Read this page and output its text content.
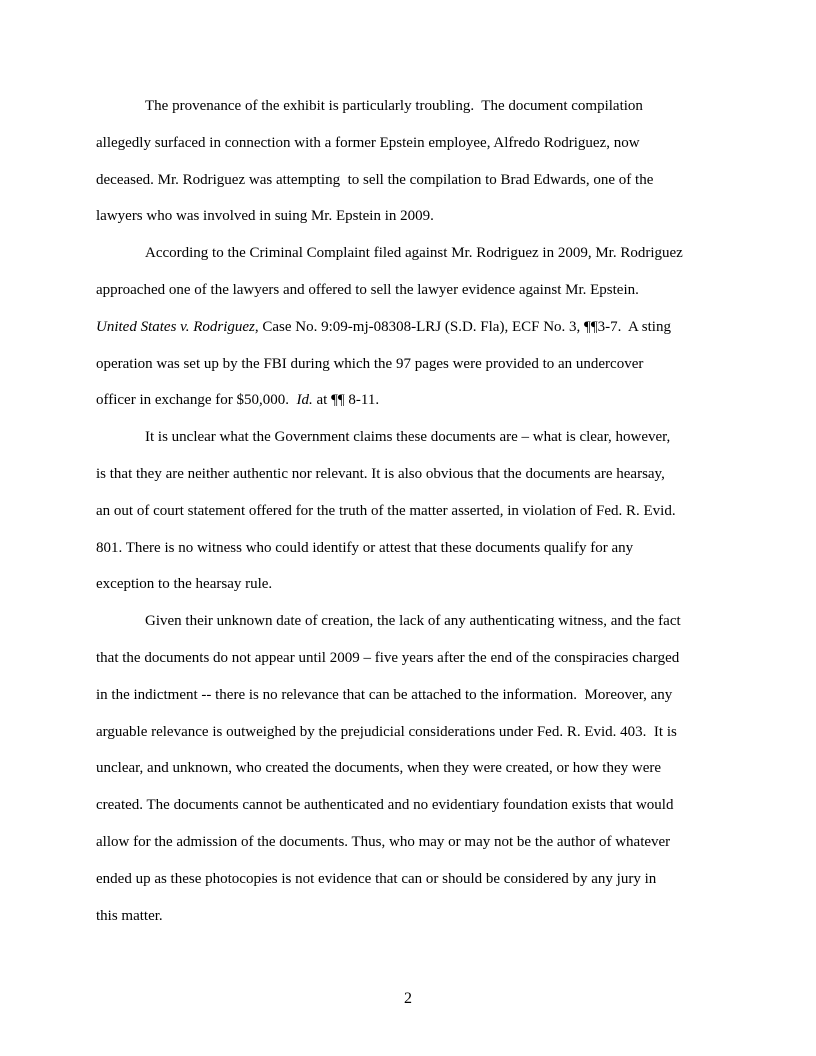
The provenance of the exhibit is particularly troubling.  The document compilation
allegedly surfaced in connection with a former Epstein employee, Alfredo Rodriguez, now
deceased. Mr. Rodriguez was attempting  to sell the compilation to Brad Edwards, one of the
lawyers who was involved in suing Mr. Epstein in 2009.
According to the Criminal Complaint filed against Mr. Rodriguez in 2009, Mr. Rodriguez
approached one of the lawyers and offered to sell the lawyer evidence against Mr. Epstein.
United States v. Rodriguez, Case No. 9:09-mj-08308-LRJ (S.D. Fla), ECF No. 3, ¶¶3-7.  A sting
operation was set up by the FBI during which the 97 pages were provided to an undercover
officer in exchange for $50,000.  Id. at ¶¶ 8-11.
It is unclear what the Government claims these documents are – what is clear, however,
is that they are neither authentic nor relevant. It is also obvious that the documents are hearsay,
an out of court statement offered for the truth of the matter asserted, in violation of Fed. R. Evid.
801. There is no witness who could identify or attest that these documents qualify for any
exception to the hearsay rule.
Given their unknown date of creation, the lack of any authenticating witness, and the fact
that the documents do not appear until 2009 – five years after the end of the conspiracies charged
in the indictment -- there is no relevance that can be attached to the information.  Moreover, any
arguable relevance is outweighed by the prejudicial considerations under Fed. R. Evid. 403.  It is
unclear, and unknown, who created the documents, when they were created, or how they were
created. The documents cannot be authenticated and no evidentiary foundation exists that would
allow for the admission of the documents. Thus, who may or may not be the author of whatever
ended up as these photocopies is not evidence that can or should be considered by any jury in
this matter.
2
